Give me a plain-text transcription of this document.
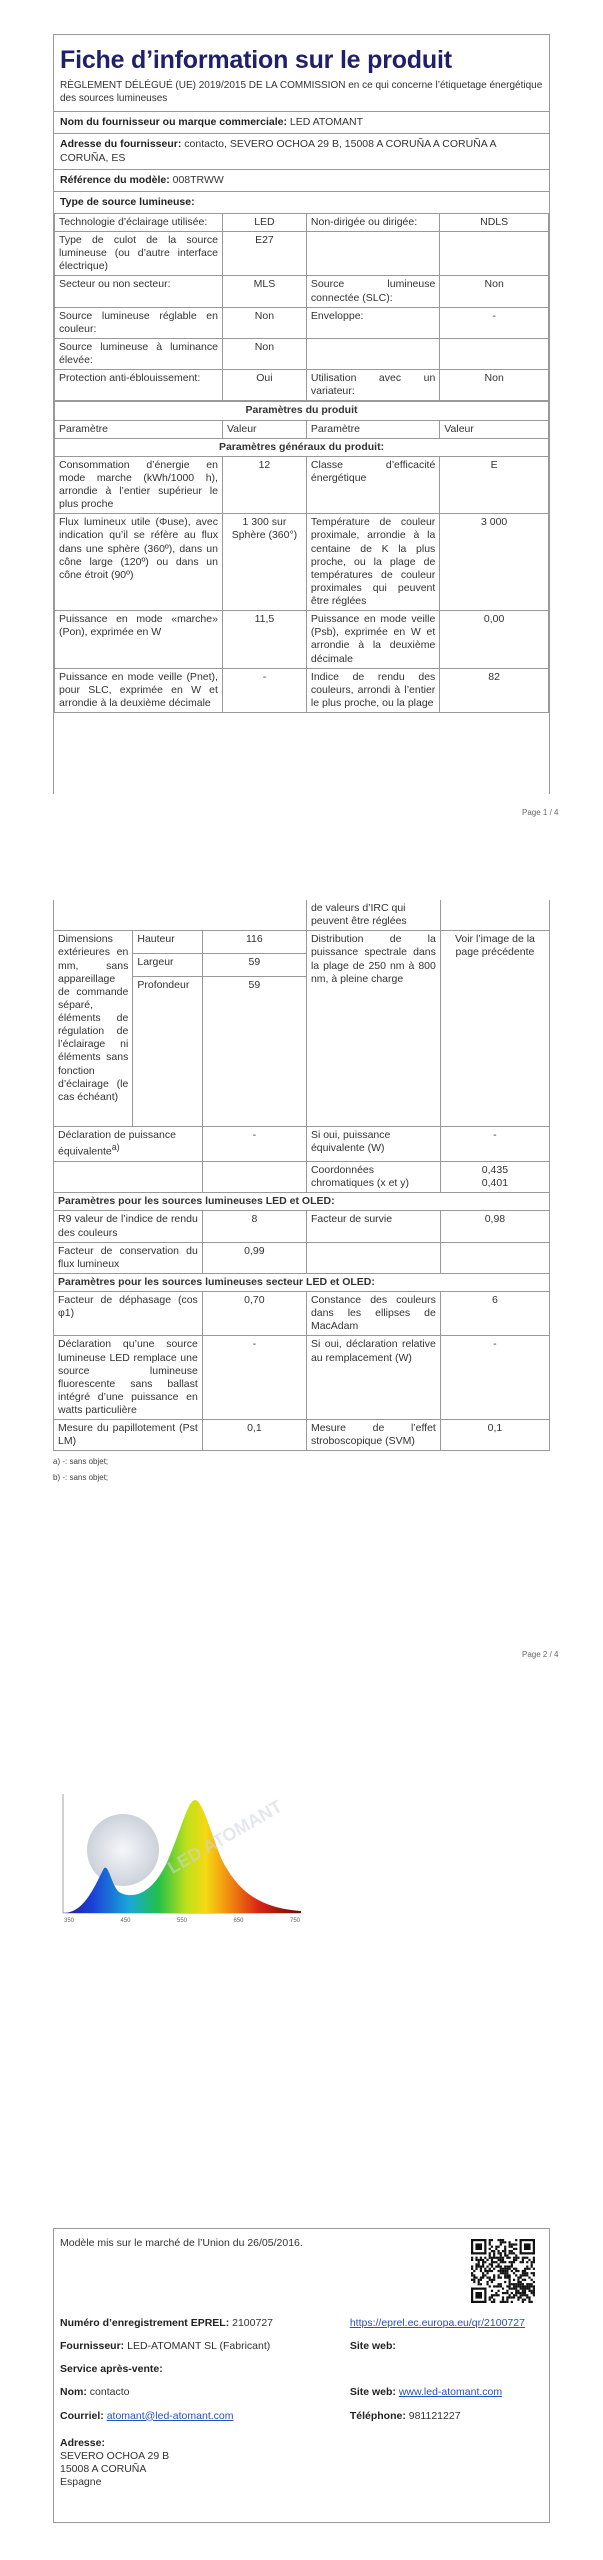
Fiche d’information sur le produit
RÈGLEMENT DÉLÉGUÉ (UE) 2019/2015 DE LA COMMISSION en ce qui concerne l’étiquetage énergétique des sources lumineuses
Nom du fournisseur ou marque commerciale: LED ATOMANT
Adresse du fournisseur: contacto, SEVERO OCHOA 29 B, 15008 A CORUÑA A CORUÑA A CORUÑA, ES
Référence du modèle: 008TRWW
Type de source lumineuse:
Technologie d’éclairage utilisée:	LED	Non-dirigée ou dirigée:	NDLS
Type de culot de la source lumineuse (ou d’autre interface électrique)	E27		
Secteur ou non secteur:	MLS	Source lumineuse connectée (SLC):	Non
Source lumineuse réglable en couleur:	Non	Enveloppe:	-
Source lumineuse à luminance élevée:	Non		
Protection anti-éblouissement:	Oui	Utilisation avec un variateur:	Non
Paramètres du produit			
Paramètre	Valeur	Paramètre	Valeur
Paramètres généraux du produit:			
Consommation d’énergie en mode marche (kWh/1000 h), arrondie à l’entier supérieur le plus proche	12	Classe d’efficacité énergétique	E
Flux lumineux utile (Φuse), avec indication qu’il se réfère au flux dans une sphère (360º), dans un cône large (120º) ou dans un cône étroit (90º)	1 300 sur Sphère (360°)	Température de couleur proximale, arrondie à la centaine de K la plus proche, ou la plage de températures de couleur proximales qui peuvent être réglées	3 000
Puissance en mode «marche» (Pon), exprimée en W	11,5	Puissance en mode veille (Psb), exprimée en W et arrondie à la deuxième décimale	0,00
Puissance en mode veille (Pnet), pour SLC, exprimée en W et arrondie à la deuxième décimale	-	Indice de rendu des couleurs, arrondi à l’entier le plus proche, ou la plage	82
Page 1 / 4
			de valeurs d’IRC qui peuvent être réglées	
Dimensions extérieures en mm, sans appareillage de commande séparé, éléments de régulation de l’éclairage ni éléments sans fonction d’éclairage (le cas échéant)	Hauteur	116	Distribution de la puissance spectrale dans la plage de 250 nm à 800 nm, à pleine charge	Voir l’image de la page précédente
	Largeur	59		
	Profondeur	59		
Déclaration de puissance équivalente$^{a)}$		-	Si oui, puissance équivalente (W)	-
			Coordonnées chromatiques (x et y)	0,435
0,401
Paramètres pour les sources lumineuses LED et OLED:				
R9 valeur de l’indice de rendu des couleurs		8	Facteur de survie	0,98
Facteur de conservation du flux lumineux		0,99		
Paramètres pour les sources lumineuses secteur LED et OLED:				
Facteur de déphasage (cos φ1)		0,70	Constance des couleurs dans les ellipses de MacAdam	6
Déclaration qu’une source lumineuse LED remplace une source lumineuse fluorescente sans ballast intégré d’une puissance en watts particulière		-	Si oui, déclaration relative au remplacement (W)	-
Mesure du papillotement (Pst LM)		0,1	Mesure de l’effet stroboscopique (SVM)	0,1
a) -: sans objet;
b) -: sans objet;
Page 2 / 4
LED ATOMANT
350	450	550	650	750
Modèle mis sur le marché de l’Union du 26/05/2016.
Numéro d’enregistrement EPREL: 2100727	https://eprel.ec.europa.eu/qr/2100727
Fournisseur: LED-ATOMANT SL (Fabricant)	Site web:
Service après-vente:
Nom: contacto	Site web: www.led-atomant.com
Courriel: atomant@led-atomant.com	Téléphone: 981121227
Adresse:
SEVERO OCHOA 29 B
15008 A CORUÑA
Espagne
